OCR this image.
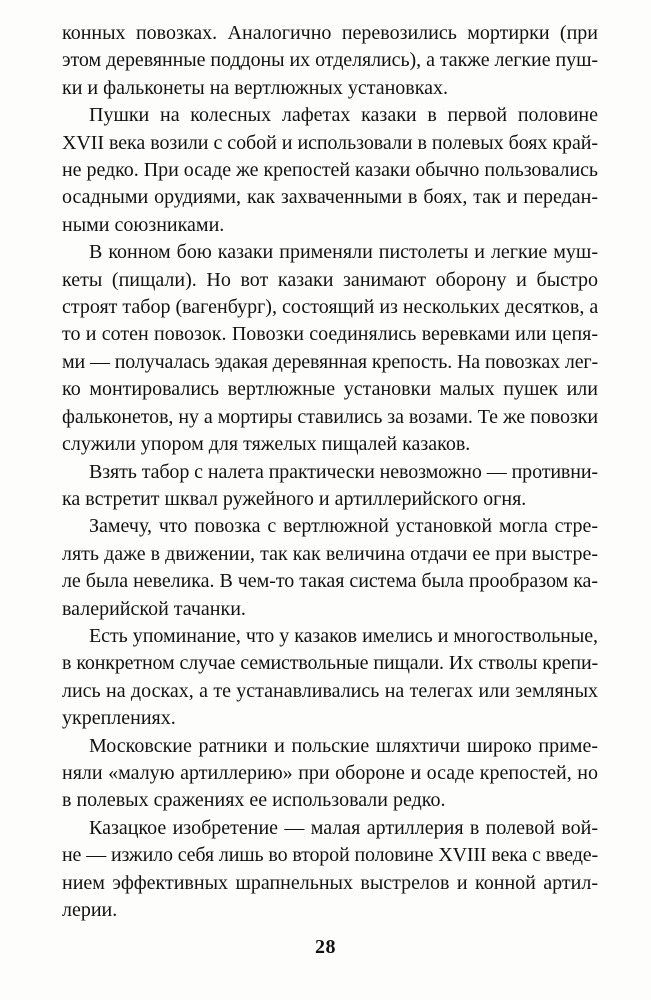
конных повозках. Аналогично перевозились мортирки (при
этом деревянные поддоны их отделялись), а также легкие пуш-
ки и фальконеты на вертлюжных установках.
Пушки на колесных лафетах казаки в первой половине
XVII века возили с собой и использовали в полевых боях край-
не редко. При осаде же крепостей казаки обычно пользовались
осадными орудиями, как захваченными в боях, так и передан-
ными союзниками.
В конном бою казаки применяли пистолеты и легкие муш-
кеты (пищали). Но вот казаки занимают оборону и быстро
строят табор (вагенбург), состоящий из нескольких десятков, а
то и сотен повозок. Повозки соединялись веревками или цепя-
ми — получалась эдакая деревянная крепость. На повозках лег-
ко монтировались вертлюжные установки малых пушек или
фальконетов, ну а мортиры ставились за возами. Те же повозки
служили упором для тяжелых пищалей казаков.
Взять табор с налета практически невозможно — противни-
ка встретит шквал ружейного и артиллерийского огня.
Замечу, что повозка с вертлюжной установкой могла стре-
лять даже в движении, так как величина отдачи ее при выстре-
ле была невелика. В чем-то такая система была прообразом ка-
валерийской тачанки.
Есть упоминание, что у казаков имелись и многоствольные,
в конкретном случае семиствольные пищали. Их стволы крепи-
лись на досках, а те устанавливались на телегах или земляных
укреплениях.
Московские ратники и польские шляхтичи широко приме-
няли «малую артиллерию» при обороне и осаде крепостей, но
в полевых сражениях ее использовали редко.
Казацкое изобретение — малая артиллерия в полевой вой-
не — изжило себя лишь во второй половине XVIII века с введе-
нием эффективных шрапнельных выстрелов и конной артил-
лерии.
28
